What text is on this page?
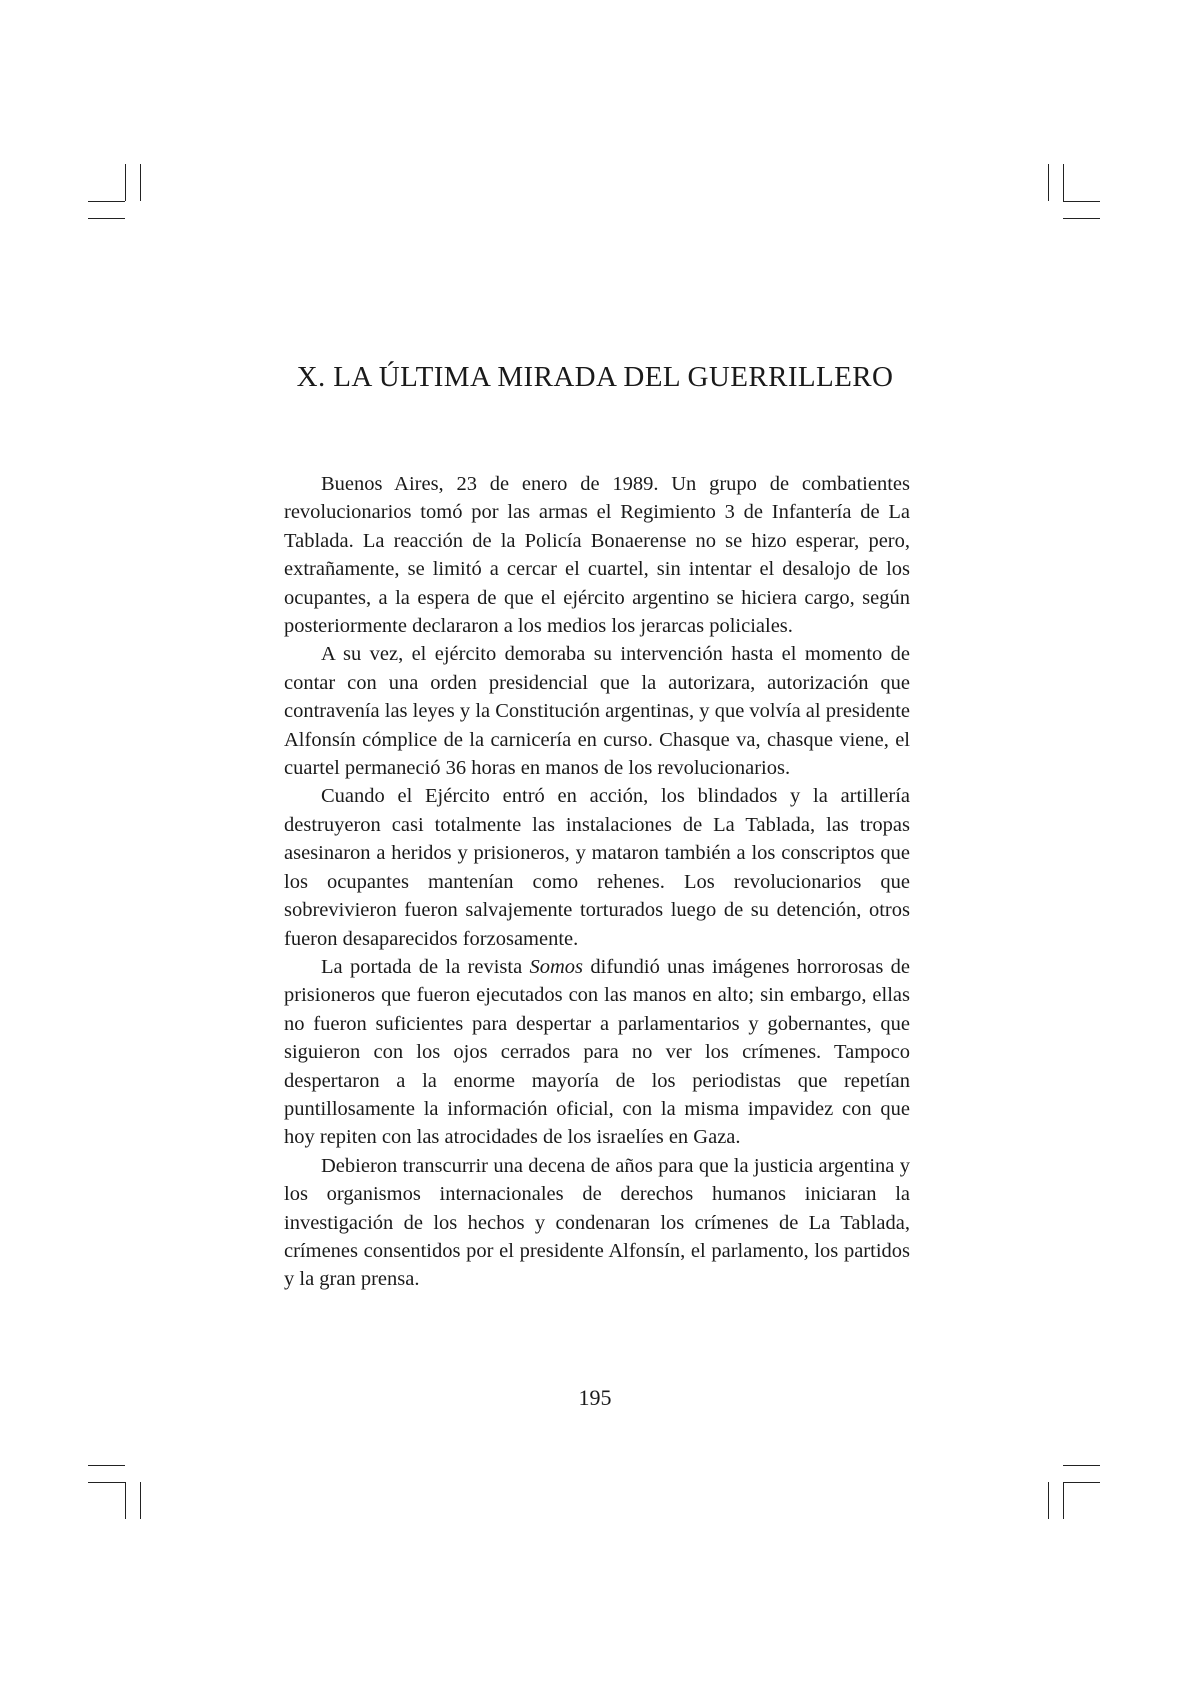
X. LA ÚLTIMA MIRADA DEL GUERRILLERO

Buenos Aires, 23 de enero de 1989. Un grupo de combatientes revolucionarios tomó por las armas el Regimiento 3 de Infantería de La Tablada. La reacción de la Policía Bonaerense no se hizo esperar, pero, extrañamente, se limitó a cercar el cuartel, sin intentar el desalojo de los ocupantes, a la espera de que el ejército argentino se hiciera cargo, según posteriormente declararon a los medios los jerarcas policiales.

A su vez, el ejército demoraba su intervención hasta el momento de contar con una orden presidencial que la autorizara, autorización que contravenía las leyes y la Constitución argentinas, y que volvía al presidente Alfonsín cómplice de la carnicería en curso. Chasque va, chasque viene, el cuartel permaneció 36 horas en manos de los revolucionarios.

Cuando el Ejército entró en acción, los blindados y la artillería destruyeron casi totalmente las instalaciones de La Tablada, las tropas asesinaron a heridos y prisioneros, y mataron también a los conscriptos que los ocupantes mantenían como rehenes. Los revolucionarios que sobrevivieron fueron salvajemente torturados luego de su detención, otros fueron desaparecidos forzosamente.

La portada de la revista Somos difundió unas imágenes horrorosas de prisioneros que fueron ejecutados con las manos en alto; sin embargo, ellas no fueron suficientes para despertar a parlamentarios y gobernantes, que siguieron con los ojos cerrados para no ver los crímenes. Tampoco despertaron a la enorme mayoría de los periodistas que repetían puntillosamente la información oficial, con la misma impavidez con que hoy repiten con las atrocidades de los israelíes en Gaza.

Debieron transcurrir una decena de años para que la justicia argentina y los organismos internacionales de derechos humanos iniciaran la investigación de los hechos y condenaran los crímenes de La Tablada, crímenes consentidos por el presidente Alfonsín, el parlamento, los partidos y la gran prensa.

195
